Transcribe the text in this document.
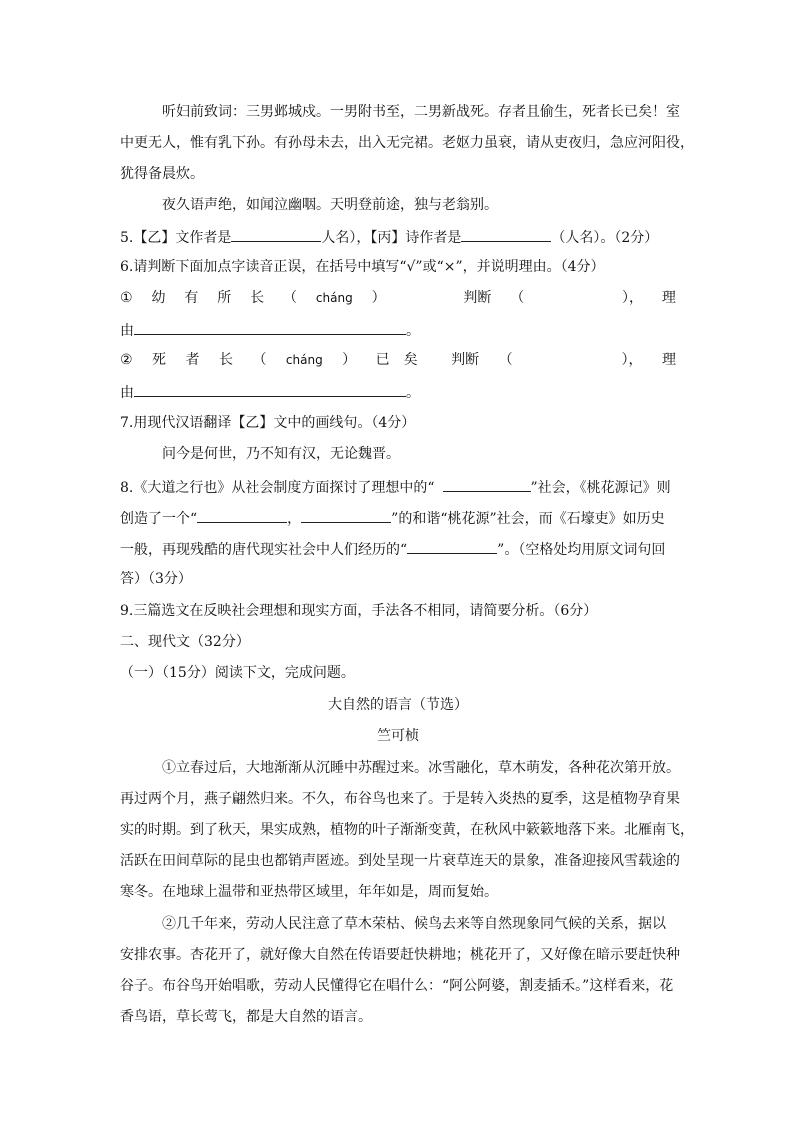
听妇前致词：三男邺城戍。一男附书至，二男新战死。存者且偷生，死者长已矣！室
中更无人，惟有乳下孙。有孙母未去，出入无完裙。老妪力虽衰，请从吏夜归，急应河阳役，
犹得备晨炊。
夜久语声绝，如闻泣幽咽。天明登前途，独与老翁别。
5.【乙】文作者是	人名），【丙】诗作者是	（人名）。（2分）
6.请判断下面加点字读音正误，在括号中填写“√”或“×”，并说明理由。（4分）
① 幼 有 所 长 （ cháng ）	判断 （	）， 理
由	。
② 死 者 长 （ cháng ） 已矣 判断 （	）， 理
由	。
7.用现代汉语翻译【乙】文中的画线句。（4分）
问今是何世，乃不知有汉，无论魏晋。
8.《大道之行也》从社会制度方面探讨了理想中的“	”社会，《桃花源记》则
创造了一个“	，	”的和谐“桃花源”社会，而《石壕吏》如历史
一般，再现残酷的唐代现实社会中人们经历的“	”。（空格处均用原文词句回
答）（3分）
9.三篇选文在反映社会理想和现实方面，手法各不相同，请简要分析。（6分）
二、现代文（32分）
（一）（15分）阅读下文，完成问题。
大自然的语言（节选）
竺可桢
①立春过后，大地渐渐从沉睡中苏醒过来。冰雪融化，草木萌发，各种花次第开放。
再过两个月，燕子翩然归来。不久，布谷鸟也来了。于是转入炎热的夏季，这是植物孕育果
实的时期。到了秋天，果实成熟，植物的叶子渐渐变黄，在秋风中簌簌地落下来。北雁南飞，
活跃在田间草际的昆虫也都销声匿迹。到处呈现一片衰草连天的景象，准备迎接风雪载途的
寒冬。在地球上温带和亚热带区域里，年年如是，周而复始。
②几千年来，劳动人民注意了草木荣枯、候鸟去来等自然现象同气候的关系，据以
安排农事。杏花开了，就好像大自然在传语要赶快耕地；桃花开了，又好像在暗示要赶快种
谷子。布谷鸟开始唱歌，劳动人民懂得它在唱什么：“阿公阿婆，割麦插禾。”这样看来，花
香鸟语，草长莺飞，都是大自然的语言。
